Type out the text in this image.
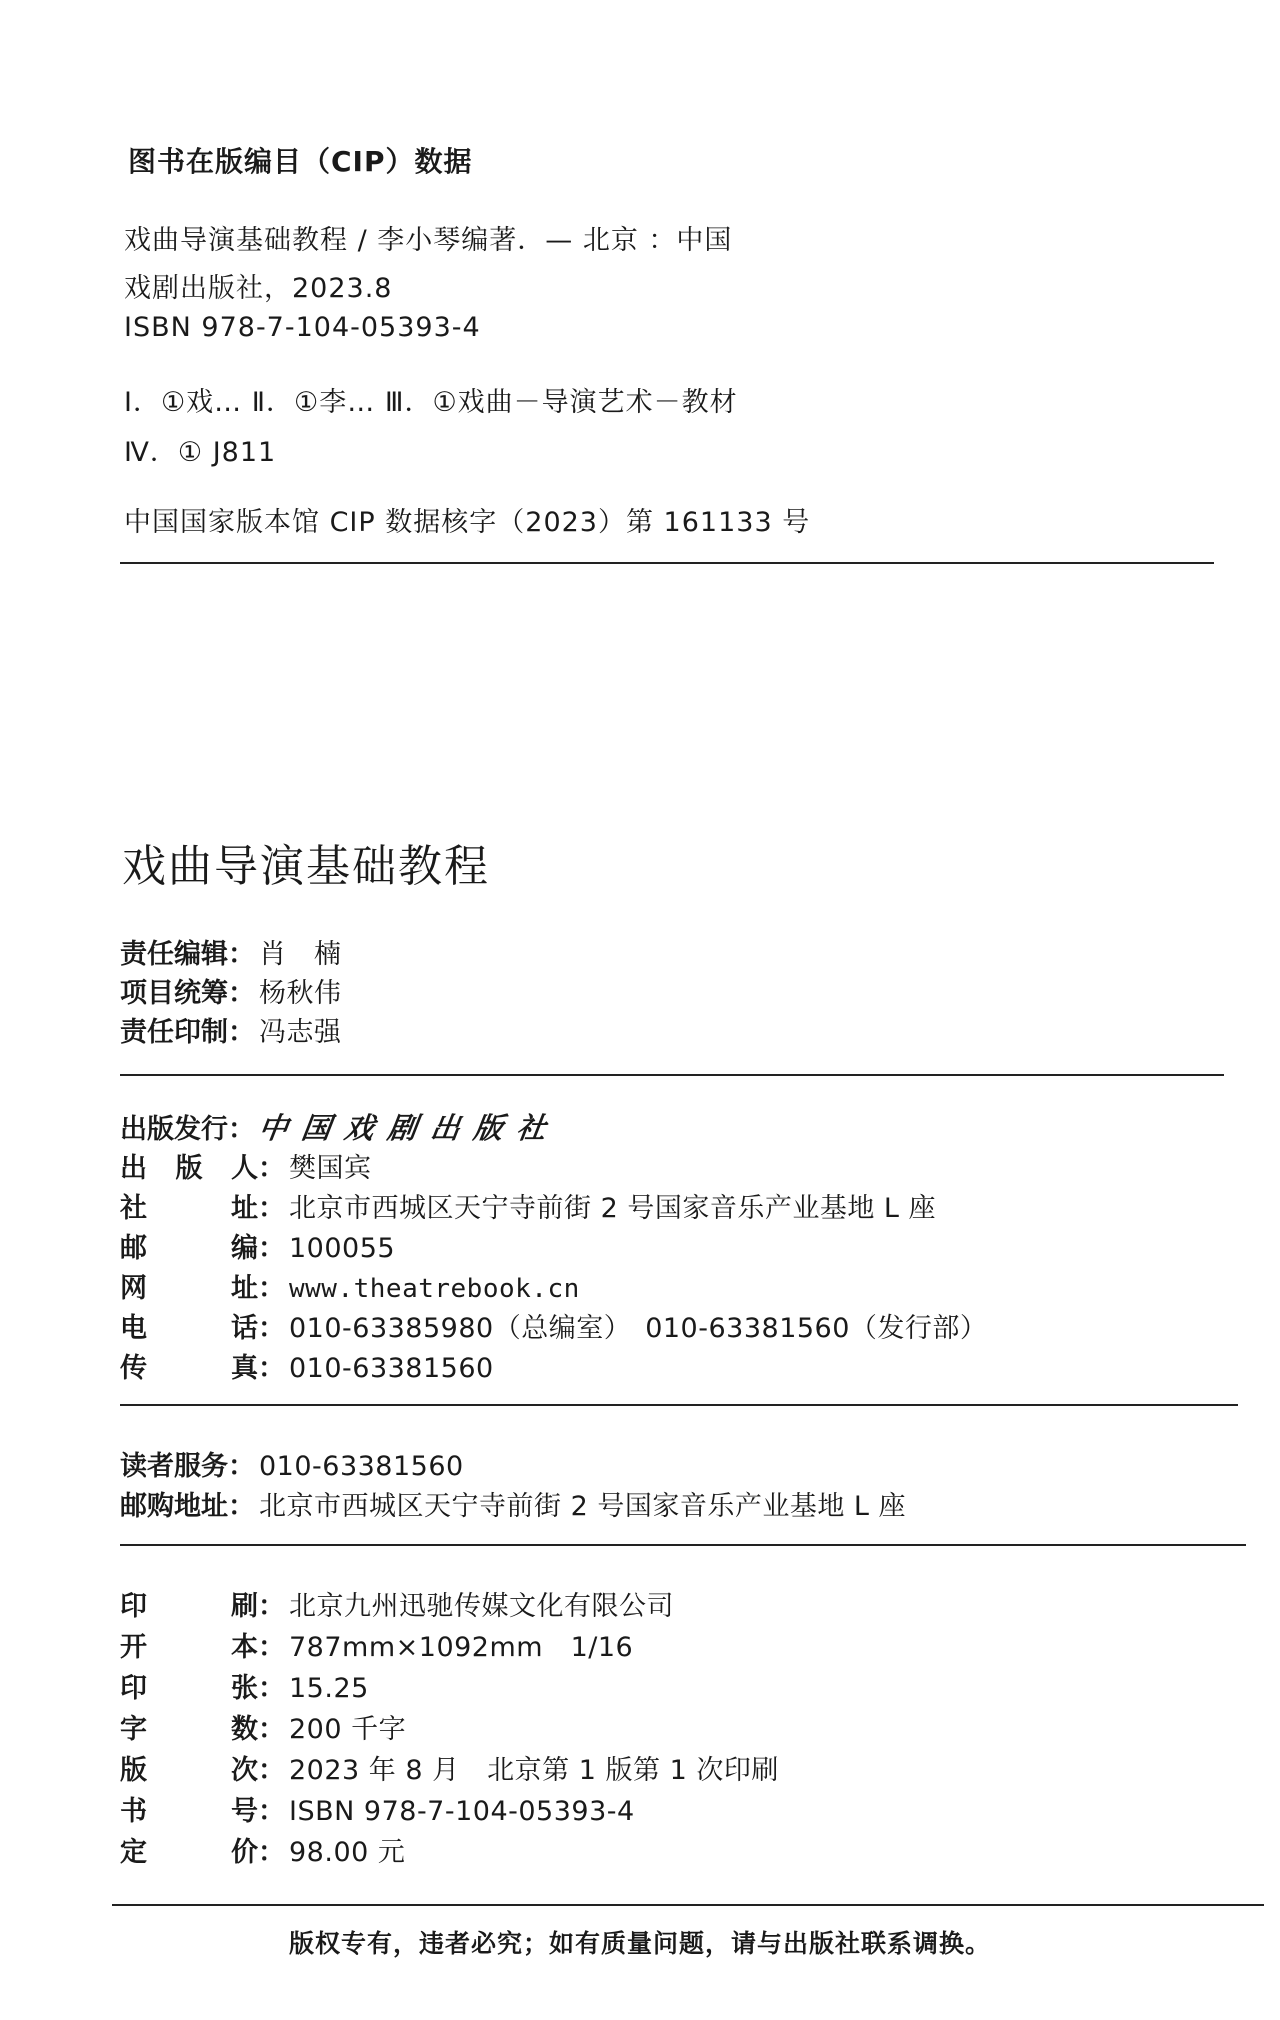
图书在版编目（CIP）数据
戏曲导演基础教程 / 李小琴编著．— 北京 ：中国
戏剧出版社，2023.8
ISBN 978-7-104-05393-4
Ⅰ．①戏… Ⅱ．①李… Ⅲ．①戏曲－导演艺术－教材
Ⅳ．① J811
中国国家版本馆 CIP 数据核字（2023）第 161133 号
戏曲导演基础教程
责任编辑 ： 肖　楠
项目统筹 ： 杨秋伟
责任印制 ： 冯志强
出版发行 ： 中国戏剧出版社
出 版 人 ： 樊国宾
社	址 ： 北京市西城区天宁寺前街 2 号国家音乐产业基地 L 座
邮	编 ： 100055
网	址 ： www.theatrebook.cn
电	话 ： 010-63385980（总编室）　010-63381560（发行部）
传	真 ： 010-63381560
读者服务 ： 010-63381560
邮购地址 ： 北京市西城区天宁寺前街 2 号国家音乐产业基地 L 座
印	刷 ： 北京九州迅驰传媒文化有限公司
开	本 ： 787mm×1092mm　1/16
印	张 ： 15.25
字	数 ： 200 千字
版	次 ： 2023 年 8 月　北京第 1 版第 1 次印刷
书	号 ： ISBN 978-7-104-05393-4
定	价 ： 98.00 元
版权专有，违者必究；如有质量问题，请与出版社联系调换。
